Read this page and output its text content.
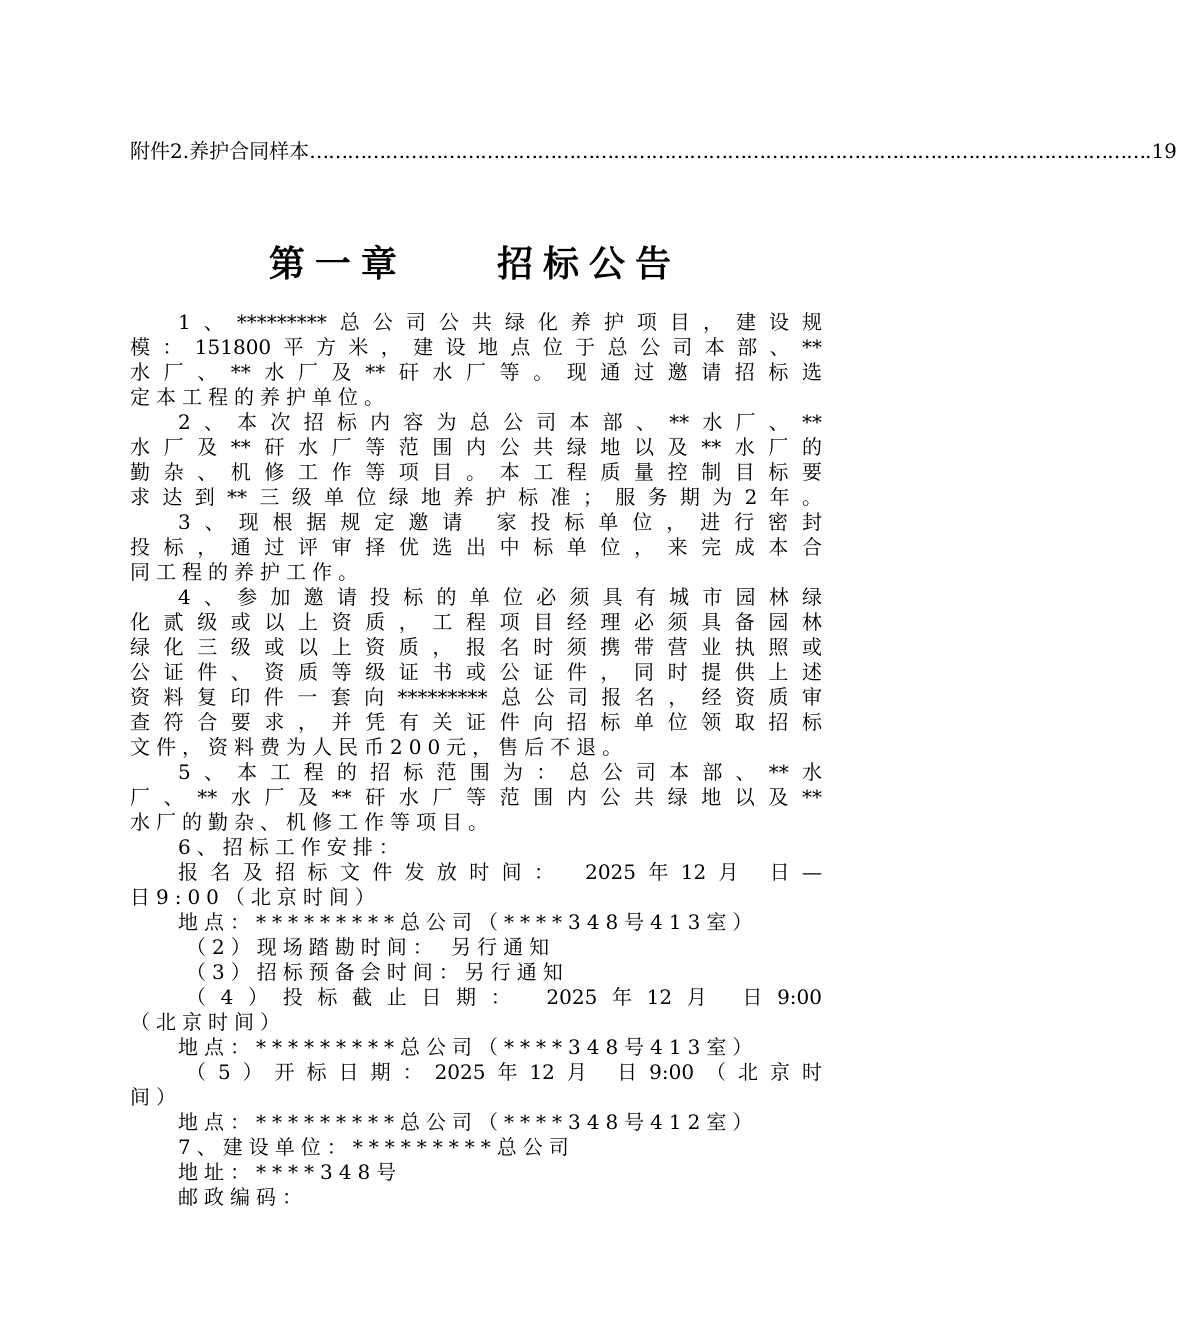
附件2.养护合同样本 …………………………………………………………………………………………………………………… .19
第一章    招标公告
1、*********总公司公共绿化养护项目，建设规
模：151800平方米，建设地点位于总公司本部、**
水厂、**水厂及**矸水厂等。现通过邀请招标选
定本工程的养护单位。
2、本次招标内容为总公司本部、**水厂、**
水厂及**矸水厂等范围内公共绿地以及**水厂的
勤杂、机修工作等项目。本工程质量控制目标要
求达到**三级单位绿地养护标准；服务期为2年。
3、现根据规定邀请 家投标单位，进行密封
投标，通过评审择优选出中标单位，来完成本合
同工程的养护工作。
4、参加邀请投标的单位必须具有城市园林绿
化贰级或以上资质，工程项目经理必须具备园林
绿化三级或以上资质，报名时须携带营业执照或
公证件、资质等级证书或公证件，同时提供上述
资料复印件一套向*********总公司报名，经资质审
查符合要求，并凭有关证件向招标单位领取招标
文件，资料费为人民币200元，售后不退。
5、本工程的招标范围为：总公司本部、**水
厂、**水厂及**矸水厂等范围内公共绿地以及**
水厂的勤杂、机修工作等项目。
6、招标工作安排：
报名及招标文件发放时间： 2025年12月 日—
日9:00（北京时间）
地点：*********总公司（****348号413室）
（2）现场踏勘时间： 另行通知
（3）招标预备会时间：另行通知
（4）投标截止日期： 2025年12月 日9:00
（北京时间）
地点：*********总公司（****348号413室）
（5）开标日期：2025年12月 日9:00（北京时
间）
地点：*********总公司（****348号412室）
7、建设单位：*********总公司
地址：****348号
邮政编码：
